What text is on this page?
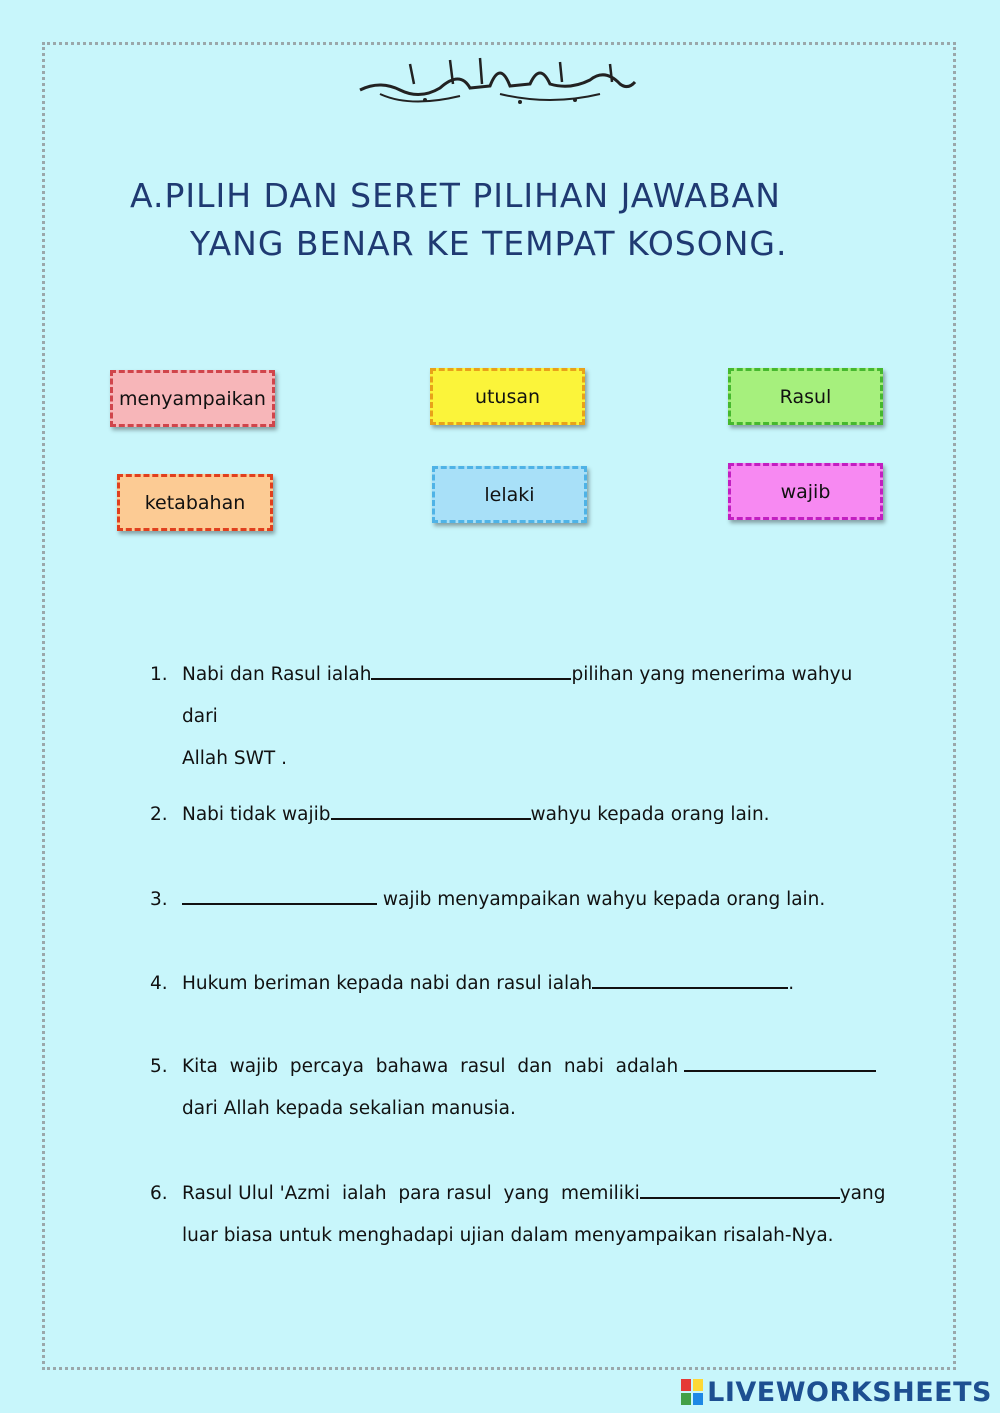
A.PILIH DAN SERET PILIHAN JAWABAN
YANG BENAR KE TEMPAT KOSONG.
menyampaikan	utusan	Rasul
ketabahan	lelaki	wajib
1. Nabi dan Rasul ialah	pilihan yang menerima wahyu dari
Allah SWT .
2. Nabi tidak wajib	wahyu kepada orang lain.
3.	wajib menyampaikan wahyu kepada orang lain.
4. Hukum beriman kepada nabi dan rasul ialah	.
5. Kita  wajib  percaya  bahawa  rasul  dan  nabi  adalah
dari Allah kepada sekalian manusia.
6. Rasul Ulul 'Azmi  ialah  para rasul  yang  memiliki	yang
luar biasa untuk menghadapi ujian dalam menyampaikan risalah-Nya.
LIVEWORKSHEETS
